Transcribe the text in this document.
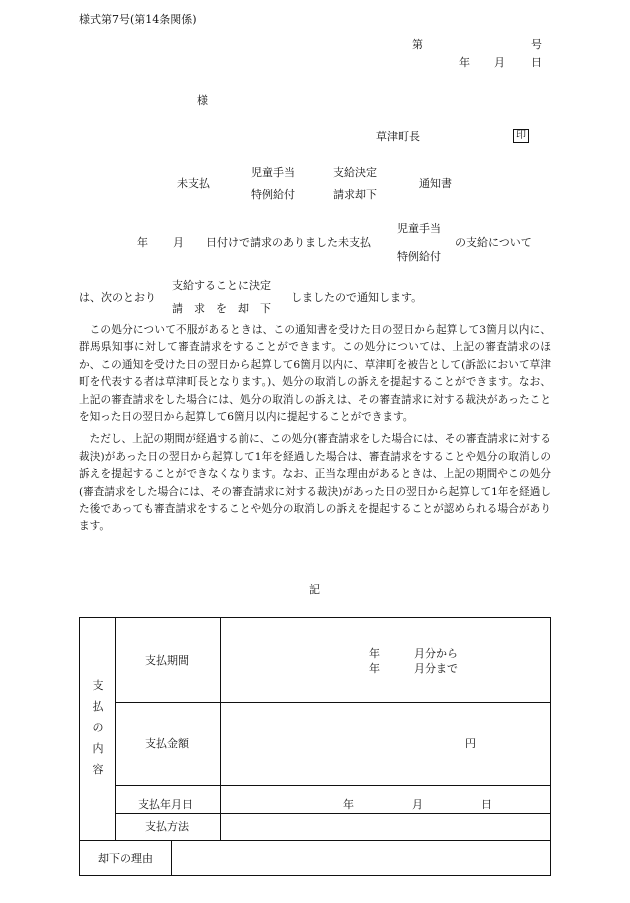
様式第7号(第14条関係)
第	号
年 月 日
様
草津町長	印
未支払
児童手当
特例給付
支給決定
請求却下
通知書
児童手当
年 月 日付けで請求のありました未支払	の支給について
特例給付
支給することに決定
は、次のとおり	しましたので通知します。
請　求　を　却　下

この処分について不服があるときは、この通知書を受けた日の翌日から起算して3箇月以内に、群馬県知事に対して審査請求をすることができます。この処分については、上記の審査請求のほか、この通知を受けた日の翌日から起算して6箇月以内に、草津町を被告として(訴訟において草津町を代表する者は草津町長となります。)、処分の取消しの訴えを提起することができます。なお、上記の審査請求をした場合には、処分の取消しの訴えは、その審査請求に対する裁決があったことを知った日の翌日から起算して6箇月以内に提起することができます。

ただし、上記の期間が経過する前に、この処分(審査請求をした場合には、その審査請求に対する裁決)があった日の翌日から起算して1年を経過した場合は、審査請求をすることや処分の取消しの訴えを提起することができなくなります。なお、正当な理由があるときは、上記の期間やこの処分(審査請求をした場合には、その審査請求に対する裁決)があった日の翌日から起算して1年を経過した後であっても審査請求をすることや処分の取消しの訴えを提起することが認められる場合があります。

記
支
払
の
内
容
支払期間
年	月分から
年	月分まで
支払金額	円
支払年月日	年	月	日
支払方法
却下の理由
